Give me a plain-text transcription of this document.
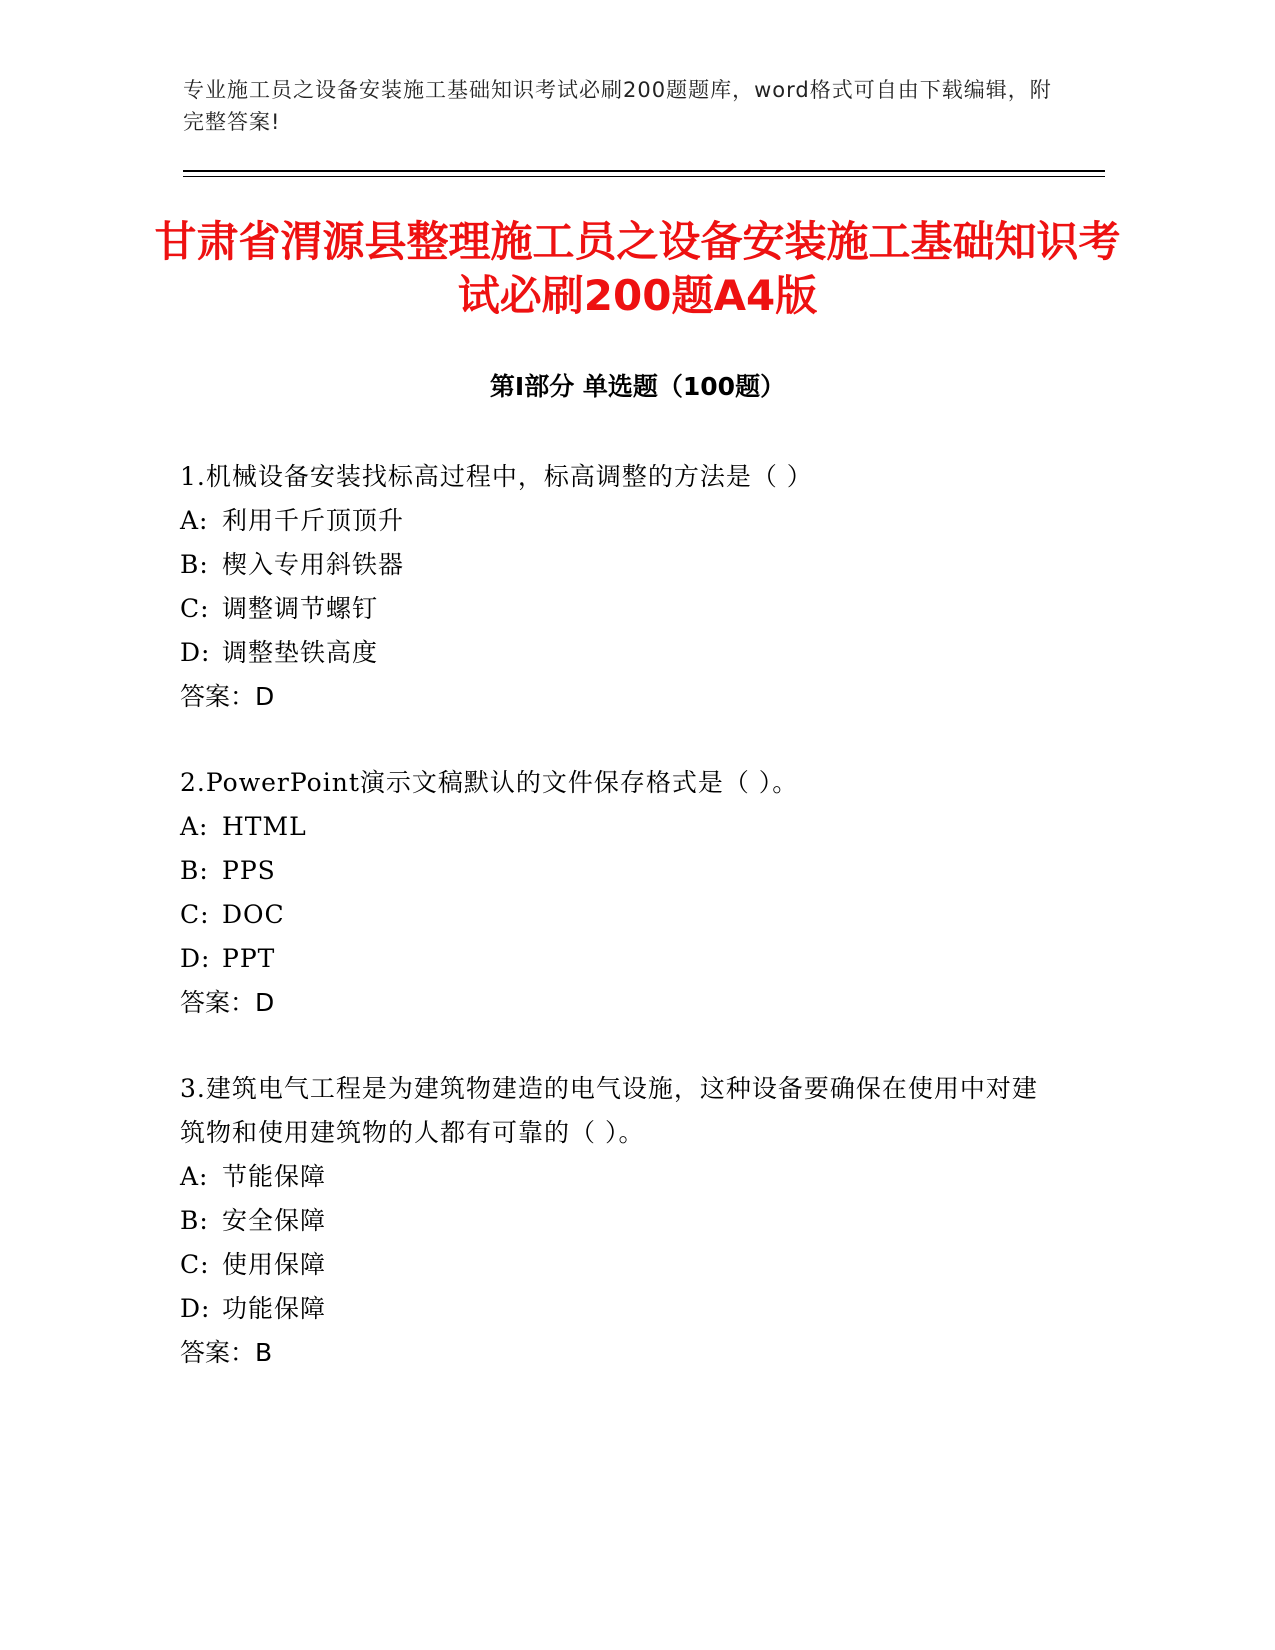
专业施工员之设备安装施工基础知识考试必刷200题题库，word格式可自由下载编辑，附完整答案!
甘肃省渭源县整理施工员之设备安装施工基础知识考试必刷200题A4版
第Ⅰ部分 单选题（100题）
1.机械设备安装找标高过程中，标高调整的方法是（ ）
A: 利用千斤顶顶升
B: 楔入专用斜铁器
C: 调整调节螺钉
D: 调整垫铁高度
答案：D
2.PowerPoint演示文稿默认的文件保存格式是（ ）。
A: HTML
B: PPS
C: DOC
D: PPT
答案：D
3.建筑电气工程是为建筑物建造的电气设施，这种设备要确保在使用中对建筑物和使用建筑物的人都有可靠的（ ）。
A: 节能保障
B: 安全保障
C: 使用保障
D: 功能保障
答案：B
